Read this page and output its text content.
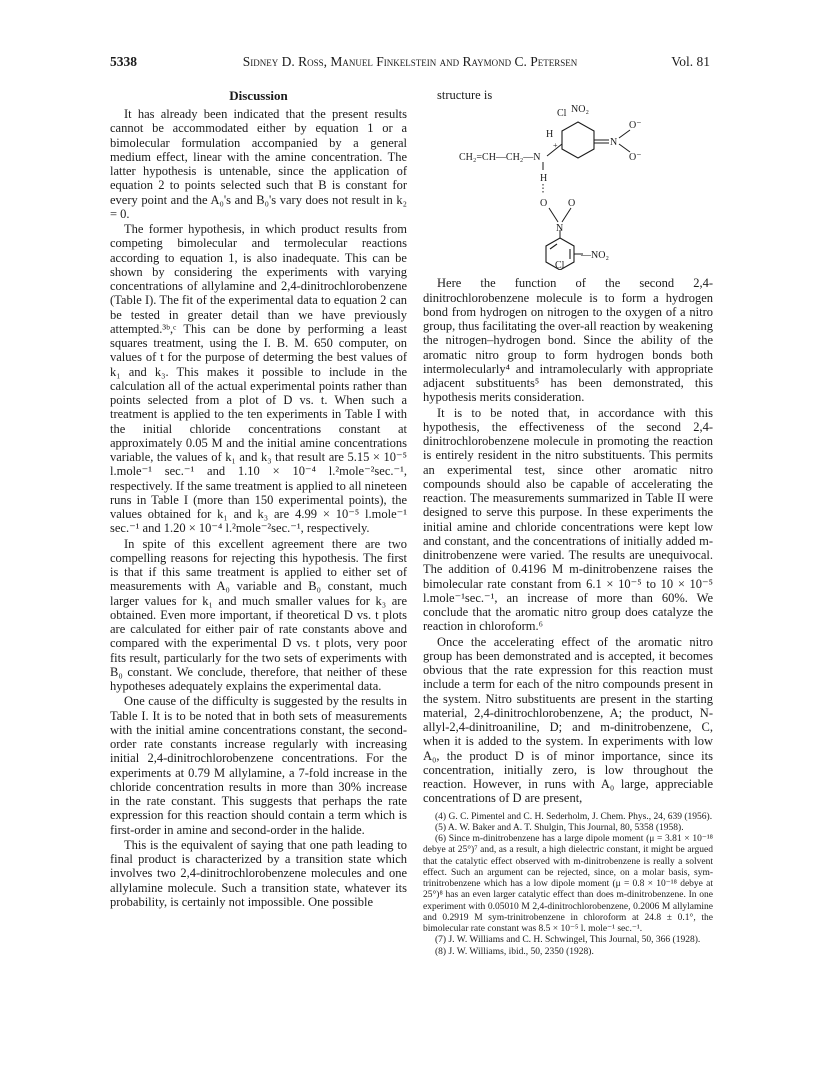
5338	Sidney D. Ross, Manuel Finkelstein and Raymond C. Petersen	Vol. 81
Discussion

It has already been indicated that the present results cannot be accommodated either by equation 1 or a bimolecular formulation accompanied by a general medium effect, linear with the amine concentration. The latter hypothesis is untenable, since the application of equation 2 to points selected such that B is constant for every point and the A₀'s and B₀'s vary does not result in k₂ = 0.

The former hypothesis, in which product results from competing bimolecular and termolecular reactions according to equation 1, is also inadequate. This can be shown by considering the experiments with varying concentrations of allylamine and 2,4-dinitrochlorobenzene (Table I). The fit of the experimental data to equation 2 can be tested in greater detail than we have previously attempted.³ᵇ,ᶜ This can be done by performing a least squares treatment, using the I. B. M. 650 computer, on values of t for the purpose of determing the best values of k₁ and k₃. This makes it possible to include in the calculation all of the actual experimental points rather than points selected from a plot of D vs. t. When such a treatment is applied to the ten experiments in Table I with the initial chloride concentrations constant at approximately 0.05 M and the initial amine concentrations variable, the values of k₁ and k₃ that result are 5.15 × 10⁻⁵ l.mole⁻¹ sec.⁻¹ and 1.10 × 10⁻⁴ l.²mole⁻²sec.⁻¹, respectively. If the same treatment is applied to all nineteen runs in Table I (more than 150 experimental points), the values obtained for k₁ and k₃ are 4.99 × 10⁻⁵ l.mole⁻¹ sec.⁻¹ and 1.20 × 10⁻⁴ l.²mole⁻²sec.⁻¹, respectively.

In spite of this excellent agreement there are two compelling reasons for rejecting this hypothesis. The first is that if this same treatment is applied to either set of measurements with A₀ variable and B₀ constant, much larger values for k₁ and much smaller values for k₃ are obtained. Even more important, if theoretical D vs. t plots are calculated for either pair of rate constants above and compared with the experimental D vs. t plots, very poor fits result, particularly for the two sets of experiments with B₀ constant. We conclude, therefore, that neither of these hypotheses adequately explains the experimental data.

One cause of the difficulty is suggested by the results in Table I. It is to be noted that in both sets of measurements with the initial amine concentrations constant, the second-order rate constants increase regularly with increasing initial 2,4-dinitrochlorobenzene concentrations. For the experiments at 0.79 M allylamine, a 7-fold increase in the chloride concentration results in more than 30% increase in the rate constant. This suggests that perhaps the rate expression for this reaction should contain a term which is first-order in amine and second-order in the halide.

This is the equivalent of saying that one path leading to final product is characterized by a transition state which involves two 2,4-dinitrochlorobenzene molecules and one allylamine molecule. Such a transition state, whatever its probability, is certainly not impossible. One possible

structure is

Cl NO₂
H
+
CH₂=CH—CH₂—N
N
O⁻
O⁻
H
O O
N
—NO₂
Cl

Here the function of the second 2,4-dinitrochlorobenzene molecule is to form a hydrogen bond from hydrogen on nitrogen to the oxygen of a nitro group, thus facilitating the over-all reaction by weakening the nitrogen–hydrogen bond. Since the ability of the aromatic nitro group to form hydrogen bonds both intermolecularly⁴ and intramolecularly with appropriate adjacent substituents⁵ has been demonstrated, this hypothesis merits consideration.

It is to be noted that, in accordance with this hypothesis, the effectiveness of the second 2,4-dinitrochlorobenzene molecule in promoting the reaction is entirely resident in the nitro substituents. This permits an experimental test, since other aromatic nitro compounds should also be capable of accelerating the reaction. The measurements summarized in Table II were designed to serve this purpose. In these experiments the initial amine and chloride concentrations were kept low and constant, and the concentrations of initially added m-dinitrobenzene were varied. The results are unequivocal. The addition of 0.4196 M m-dinitrobenzene raises the bimolecular rate constant from 6.1 × 10⁻⁵ to 10 × 10⁻⁵ l.mole⁻¹sec.⁻¹, an increase of more than 60%. We conclude that the aromatic nitro group does catalyze the reaction in chloroform.⁶

Once the accelerating effect of the aromatic nitro group has been demonstrated and is accepted, it becomes obvious that the rate expression for this reaction must include a term for each of the nitro compounds present in the system. Nitro substituents are present in the starting material, 2,4-dinitrochlorobenzene, A; the product, N-allyl-2,4-dinitroaniline, D; and m-dinitrobenzene, C, when it is added to the system. In experiments with low A₀, the product D is of minor importance, since its concentration, initially zero, is low throughout the reaction. However, in runs with A₀ large, appreciable concentrations of D are present,

(4) G. C. Pimentel and C. H. Sederholm, J. Chem. Phys., 24, 639 (1956).

(5) A. W. Baker and A. T. Shulgin, This Journal, 80, 5358 (1958).

(6) Since m-dinitrobenzene has a large dipole moment (μ = 3.81 × 10⁻¹⁸ debye at 25°)⁷ and, as a result, a high dielectric constant, it might be argued that the catalytic effect observed with m-dinitrobenzene is really a solvent effect. Such an argument can be rejected, since, on a molar basis, sym-trinitrobenzene which has a low dipole moment (μ = 0.8 × 10⁻¹⁸ debye at 25°)⁸ has an even larger catalytic effect than does m-dinitrobenzene. In one experiment with 0.05010 M 2,4-dinitrochlorobenzene, 0.2006 M allylamine and 0.2919 M sym-trinitrobenzene in chloroform at 24.8 ± 0.1°, the bimolecular rate constant was 8.5 × 10⁻⁵ l. mole⁻¹ sec.⁻¹.

(7) J. W. Williams and C. H. Schwingel, This Journal, 50, 366 (1928).

(8) J. W. Williams, ibid., 50, 2350 (1928).
